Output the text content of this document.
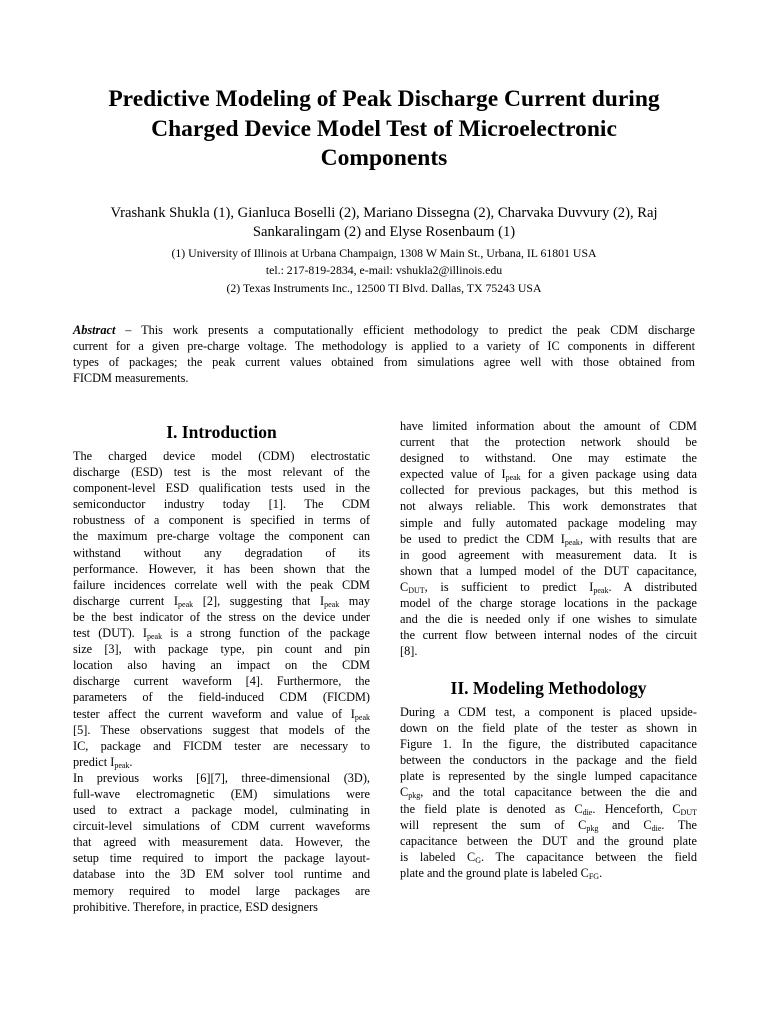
Predictive Modeling of Peak Discharge Current during
Charged Device Model Test of Microelectronic
Components
Vrashank Shukla (1), Gianluca Boselli (2), Mariano Dissegna (2), Charvaka Duvvury (2), Raj
Sankaralingam (2) and Elyse Rosenbaum (1)
(1) University of Illinois at Urbana Champaign, 1308 W Main St., Urbana, IL 61801 USA
tel.: 217-819-2834, e-mail: vshukla2@illinois.edu
(2) Texas Instruments Inc., 12500 TI Blvd. Dallas, TX 75243 USA
Abstract – This work presents a computationally efficient methodology to predict the peak CDM discharge
current for a given pre-charge voltage. The methodology is applied to a variety of IC components in different
types of packages; the peak current values obtained from simulations agree well with those obtained from
FICDM measurements.
I. Introduction
The charged device model (CDM) electrostatic
discharge (ESD) test is the most relevant of the
component-level ESD qualification tests used in the
semiconductor industry today [1]. The CDM
robustness of a component is specified in terms of
the maximum pre-charge voltage the component can
withstand without any degradation of its
performance. However, it has been shown that the
failure incidences correlate well with the peak CDM
discharge current $I_{peak}$ [2], suggesting that $I_{peak}$ may
be the best indicator of the stress on the device under
test (DUT). $I_{peak}$ is a strong function of the package
size [3], with package type, pin count and pin
location also having an impact on the CDM
discharge current waveform [4]. Furthermore, the
parameters of the field-induced CDM (FICDM)
tester affect the current waveform and value of $I_{peak}$
[5]. These observations suggest that models of the
IC, package and FICDM tester are necessary to
predict $I_{peak}$.
In previous works [6][7], three-dimensional (3D),
full-wave electromagnetic (EM) simulations were
used to extract a package model, culminating in
circuit-level simulations of CDM current waveforms
that agreed with measurement data. However, the
setup time required to import the package layout-
database into the 3D EM solver tool runtime and
memory required to model large packages are
prohibitive. Therefore, in practice, ESD designers
have limited information about the amount of CDM
current that the protection network should be
designed to withstand. One may estimate the
expected value of $I_{peak}$ for a given package using data
collected for previous packages, but this method is
not always reliable. This work demonstrates that
simple and fully automated package modeling may
be used to predict the CDM $I_{peak}$, with results that are
in good agreement with measurement data. It is
shown that a lumped model of the DUT capacitance,
$C_{DUT}$, is sufficient to predict $I_{peak}$. A distributed
model of the charge storage locations in the package
and the die is needed only if one wishes to simulate
the current flow between internal nodes of the circuit
[8].
II. Modeling Methodology
During a CDM test, a component is placed upside-
down on the field plate of the tester as shown in
Figure 1. In the figure, the distributed capacitance
between the conductors in the package and the field
plate is represented by the single lumped capacitance
$C_{pkg}$, and the total capacitance between the die and
the field plate is denoted as $C_{die}$. Henceforth, $C_{DUT}$
will represent the sum of $C_{pkg}$ and $C_{die}$. The
capacitance between the DUT and the ground plate
is labeled $C_G$. The capacitance between the field
plate and the ground plate is labeled $C_{FG}$.
